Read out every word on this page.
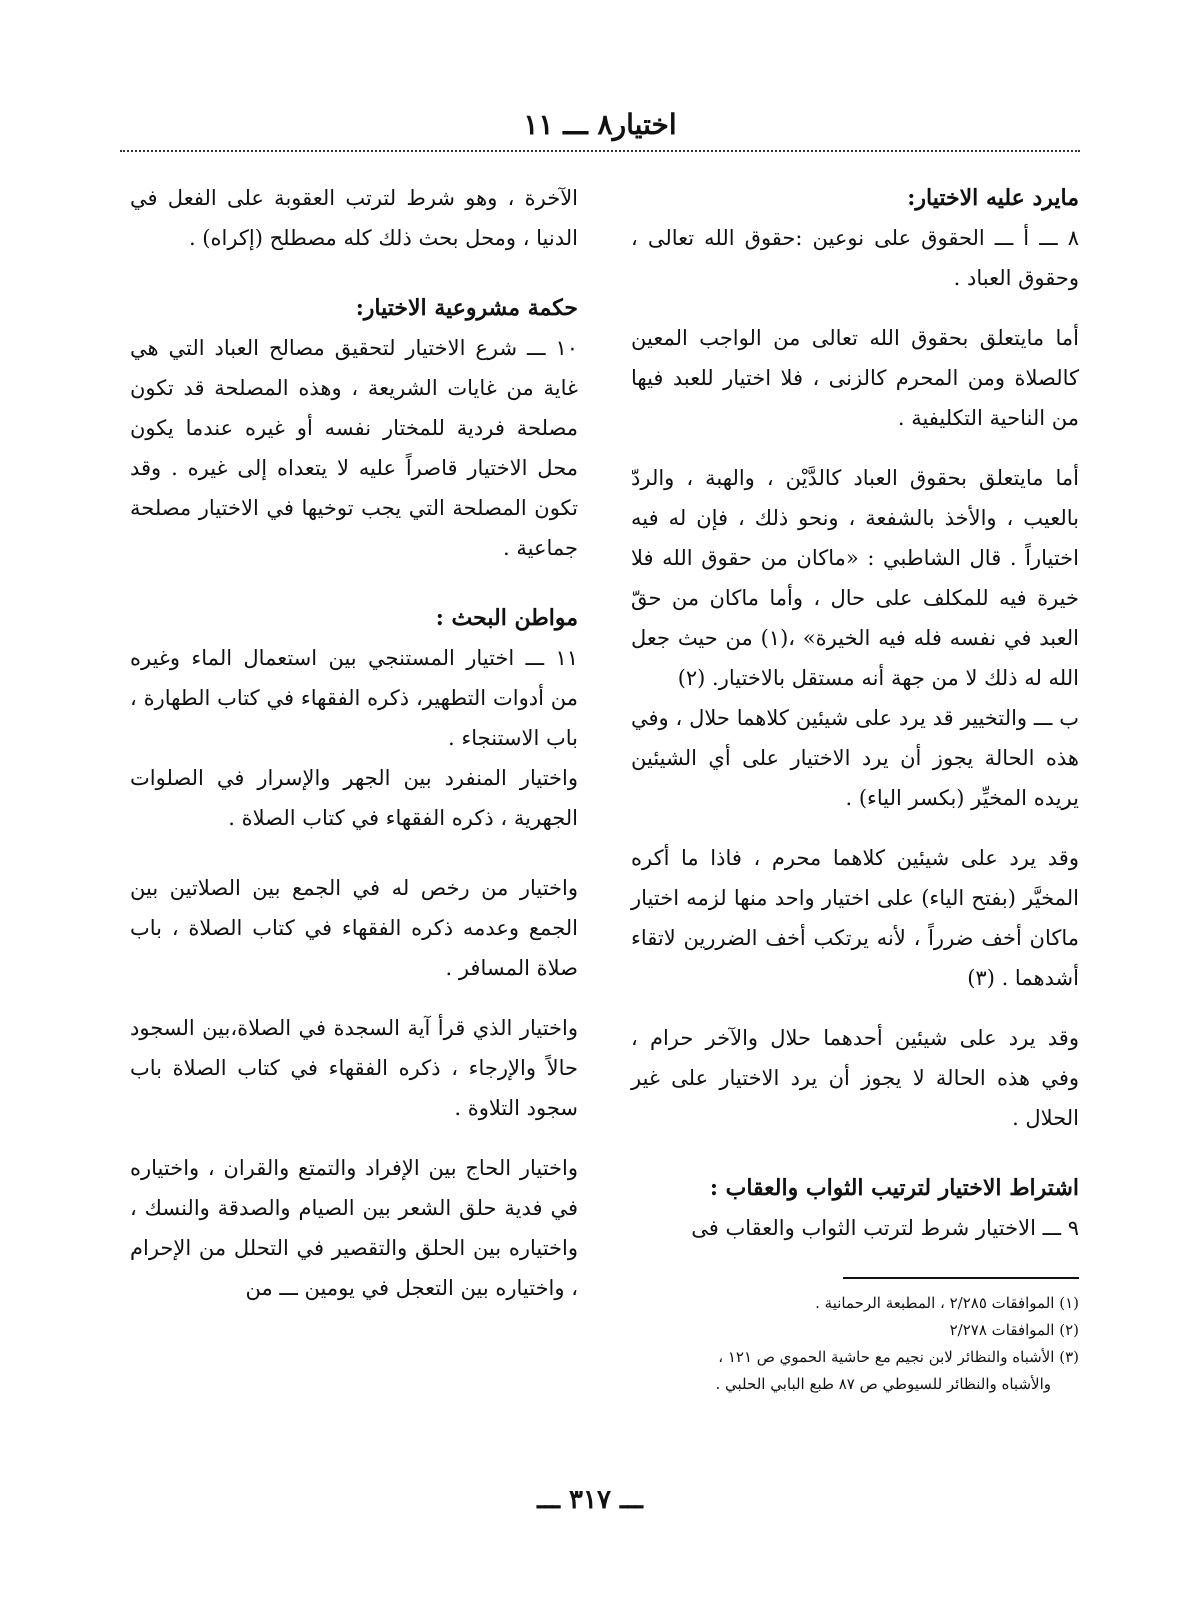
اختيار٨ ـــ ١١

مايرد عليه الاختيار:

٨ ـــ أ ـــ الحقوق على نوعين :حقوق الله تعالى ، وحقوق العباد .

أما مايتعلق بحقوق الله تعالى من الواجب المعين كالصلاة ومن المحرم كالزنى ، فلا اختيار للعبد فيها من الناحية التكليفية .

أما مايتعلق بحقوق العباد كالدَّيْن ، والهبة ، والردّ بالعيب ، والأخذ بالشفعة ، ونحو ذلك ، فإن له فيه اختياراً . قال الشاطبي : «ماكان من حقوق الله فلا خيرة فيه للمكلف على حال ، وأما ماكان من حقّ العبد في نفسه فله فيه الخيرة» ،(١) من حيث جعل الله له ذلك لا من جهة أنه مستقل بالاختيار. (٢)

ب ـــ والتخيير قد يرد على شيئين كلاهما حلال ، وفي هذه الحالة يجوز أن يرد الاختيار على أي الشيئين يريده المخيِّر (بكسر الياء) .

وقد يرد على شيئين كلاهما محرم ، فاذا ما أكره المخيَّر (بفتح الياء) على اختيار واحد منها لزمه اختيار ماكان أخف ضرراً ، لأنه يرتكب أخف الضررين لاتقاء أشدهما . (٣)

وقد يرد على شيئين أحدهما حلال والآخر حرام ، وفي هذه الحالة لا يجوز أن يرد الاختيار على غير الحلال .

اشتراط الاختيار لترتيب الثواب والعقاب :

٩ ـــ الاختيار شرط لترتب الثواب والعقاب فى

الآخرة ، وهو شرط لترتب العقوبة على الفعل في الدنيا ، ومحل بحث ذلك كله مصطلح (إكراه) .

حكمة مشروعية الاختيار:

١٠ ـــ شرع الاختيار لتحقيق مصالح العباد التي هي غاية من غايات الشريعة ، وهذه المصلحة قد تكون مصلحة فردية للمختار نفسه أو غيره عندما يكون محل الاختيار قاصراً عليه لا يتعداه إلى غيره . وقد تكون المصلحة التي يجب توخيها في الاختيار مصلحة جماعية .

مواطن البحث :

١١ ـــ اختيار المستنجي بين استعمال الماء وغيره من أدوات التطهير، ذكره الفقهاء في كتاب الطهارة ، باب الاستنجاء .

واختيار المنفرد بين الجهر والإسرار في الصلوات الجهرية ، ذكره الفقهاء في كتاب الصلاة .

واختيار من رخص له في الجمع بين الصلاتين بين الجمع وعدمه ذكره الفقهاء في كتاب الصلاة ، باب صلاة المسافر .

واختيار الذي قرأ آية السجدة في الصلاة،بين السجود حالاً والإرجاء ، ذكره الفقهاء في كتاب الصلاة باب سجود التلاوة .

واختيار الحاج بين الإفراد والتمتع والقران ، واختياره في فدية حلق الشعر بين الصيام والصدقة والنسك ، واختياره بين الحلق والتقصير في التحلل من الإحرام ، واختياره بين التعجل في يومين ـــ من

(١) الموافقات ٢/٢٨٥ ، المطبعة الرحمانية .

(٢) الموافقات ٢/٢٧٨

(٣) الأشباه والنظائر لابن نجيم مع حاشية الحموي ص ١٢١ ،

والأشباه والنظائر للسيوطي ص ٨٧ طبع البابي الحلبي .

ـــ ٣١٧ ـــ
